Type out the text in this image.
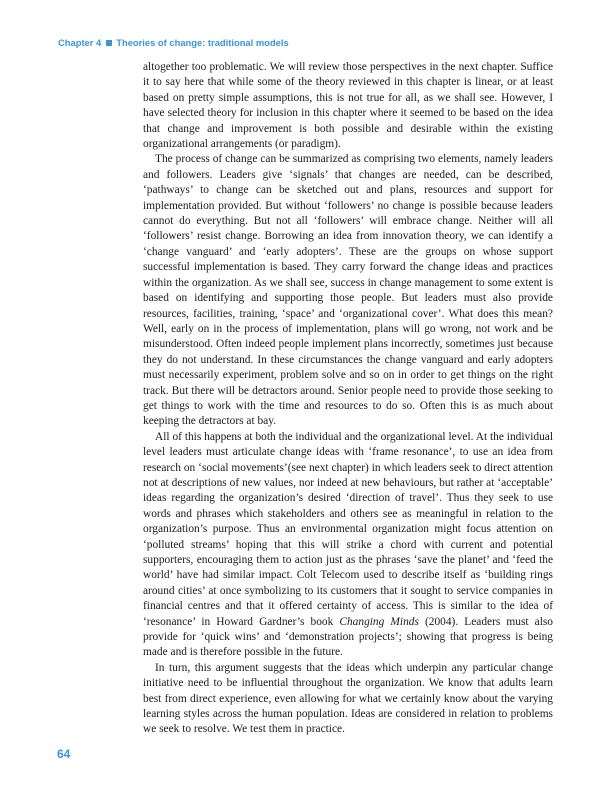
Chapter 4 Theories of change: traditional models

altogether too problematic. We will review those perspectives in the next chapter. Suffice it to say here that while some of the theory reviewed in this chapter is linear, or at least based on pretty simple assumptions, this is not true for all, as we shall see. However, I have selected theory for inclusion in this chapter where it seemed to be based on the idea that change and improvement is both possible and desirable within the existing organizational arrangements (or paradigm).

The process of change can be summarized as comprising two elements, namely leaders and followers. Leaders give ‘signals’ that changes are needed, can be described, ‘pathways’ to change can be sketched out and plans, resources and support for implementation provided. But without ‘followers’ no change is possible because leaders cannot do everything. But not all ‘followers’ will embrace change. Neither will all ‘followers’ resist change. Borrowing an idea from innovation theory, we can identify a ‘change vanguard’ and ‘early adopters’. These are the groups on whose support successful implementation is based. They carry forward the change ideas and practices within the organization. As we shall see, success in change management to some extent is based on identifying and supporting those people. But leaders must also provide resources, facilities, training, ‘space’ and ‘organizational cover’. What does this mean? Well, early on in the process of implementation, plans will go wrong, not work and be misunderstood. Often indeed people implement plans incorrectly, sometimes just because they do not understand. In these circumstances the change vanguard and early adopters must necessarily experiment, problem solve and so on in order to get things on the right track. But there will be detractors around. Senior people need to provide those seeking to get things to work with the time and resources to do so. Often this is as much about keeping the detractors at bay.

All of this happens at both the individual and the organizational level. At the individual level leaders must articulate change ideas with ‘frame resonance’, to use an idea from research on ‘social movements’(see next chapter) in which leaders seek to direct attention not at descriptions of new values, nor indeed at new behaviours, but rather at ‘acceptable’ ideas regarding the organization’s desired ‘direction of travel’. Thus they seek to use words and phrases which stakeholders and others see as meaningful in relation to the organization’s purpose. Thus an environmental organization might focus attention on ‘polluted streams’ hoping that this will strike a chord with current and potential supporters, encouraging them to action just as the phrases ‘save the planet’ and ‘feed the world’ have had similar impact. Colt Telecom used to describe itself as ‘building rings around cities’ at once symbolizing to its customers that it sought to service companies in financial centres and that it offered certainty of access. This is similar to the idea of ‘resonance’ in Howard Gardner’s book Changing Minds (2004). Leaders must also provide for ‘quick wins’ and ‘demonstration projects’; showing that progress is being made and is therefore possible in the future.

In turn, this argument suggests that the ideas which underpin any particular change initiative need to be influential throughout the organization. We know that adults learn best from direct experience, even allowing for what we certainly know about the varying learning styles across the human population. Ideas are considered in relation to problems we seek to resolve. We test them in practice.

64
